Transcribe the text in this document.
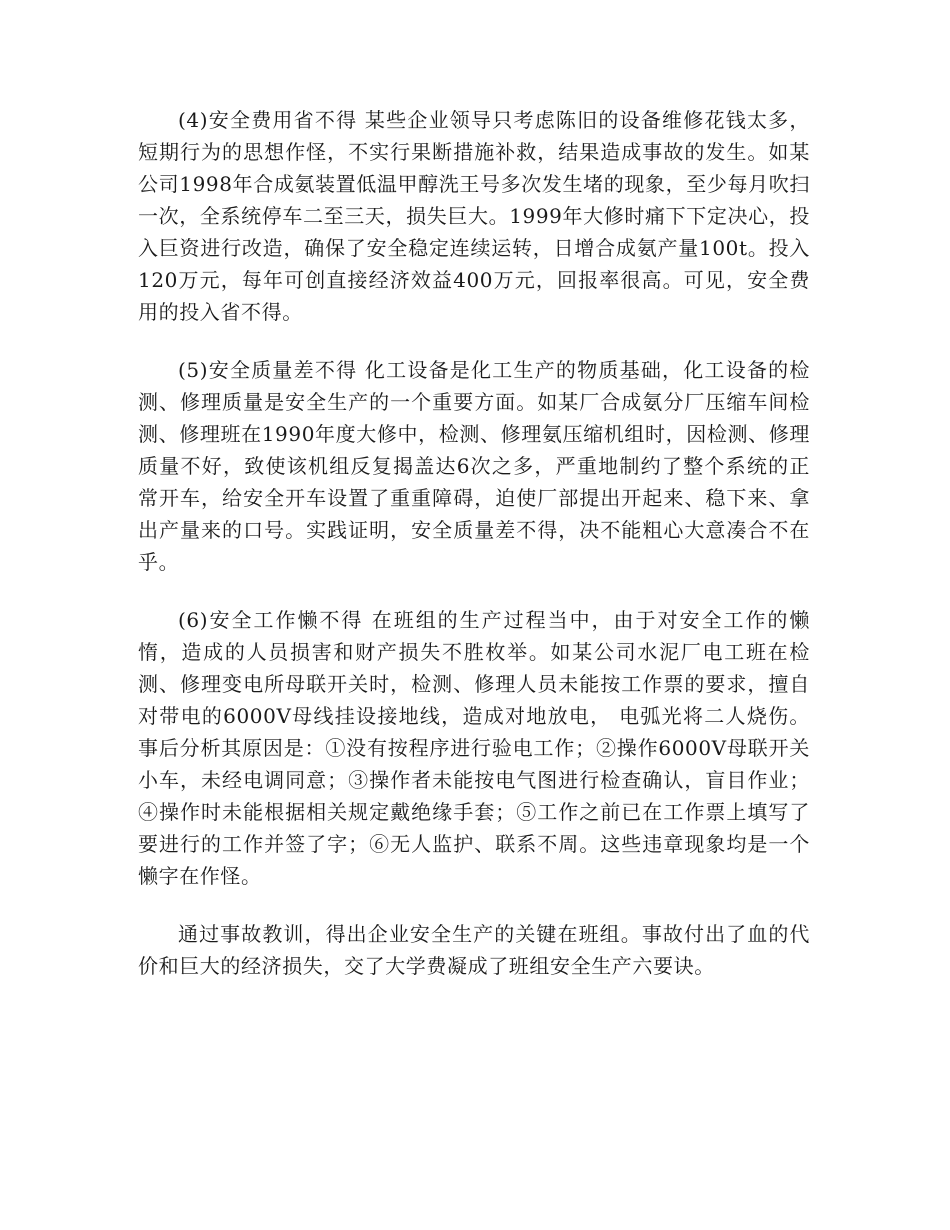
(4)安全费用省不得 某些企业领导只考虑陈旧的设备维修花钱太多，短期行为的思想作怪，不实行果断措施补救，结果造成事故的发生。如某公司1998年合成氨装置低温甲醇洗王号多次发生堵的现象，至少每月吹扫一次，全系统停车二至三天，损失巨大。1999年大修时痛下下定决心，投入巨资进行改造，确保了安全稳定连续运转，日增合成氨产量100t。投入120万元，每年可创直接经济效益400万元，回报率很高。可见，安全费用的投入省不得。

(5)安全质量差不得 化工设备是化工生产的物质基础，化工设备的检测、修理质量是安全生产的一个重要方面。如某厂合成氨分厂压缩车间检测、修理班在1990年度大修中，检测、修理氨压缩机组时，因检测、修理质量不好，致使该机组反复揭盖达6次之多，严重地制约了整个系统的正常开车，给安全开车设置了重重障碍，迫使厂部提出开起来、稳下来、拿出产量来的口号。实践证明，安全质量差不得，决不能粗心大意凑合不在乎。

(6)安全工作懒不得 在班组的生产过程当中，由于对安全工作的懒惰，造成的人员损害和财产损失不胜枚举。如某公司水泥厂电工班在检测、修理变电所母联开关时，检测、修理人员未能按工作票的要求，擅自对带电的6000V母线挂设接地线，造成对地放电， 电弧光将二人烧伤。事后分析其原因是：①没有按程序进行验电工作；②操作6000V母联开关小车，未经电调同意；③操作者未能按电气图进行检查确认，盲目作业；④操作时未能根据相关规定戴绝缘手套；⑤工作之前已在工作票上填写了要进行的工作并签了字；⑥无人监护、联系不周。这些违章现象均是一个懒字在作怪。

通过事故教训，得出企业安全生产的关键在班组。事故付出了血的代价和巨大的经济损失，交了大学费凝成了班组安全生产六要诀。
